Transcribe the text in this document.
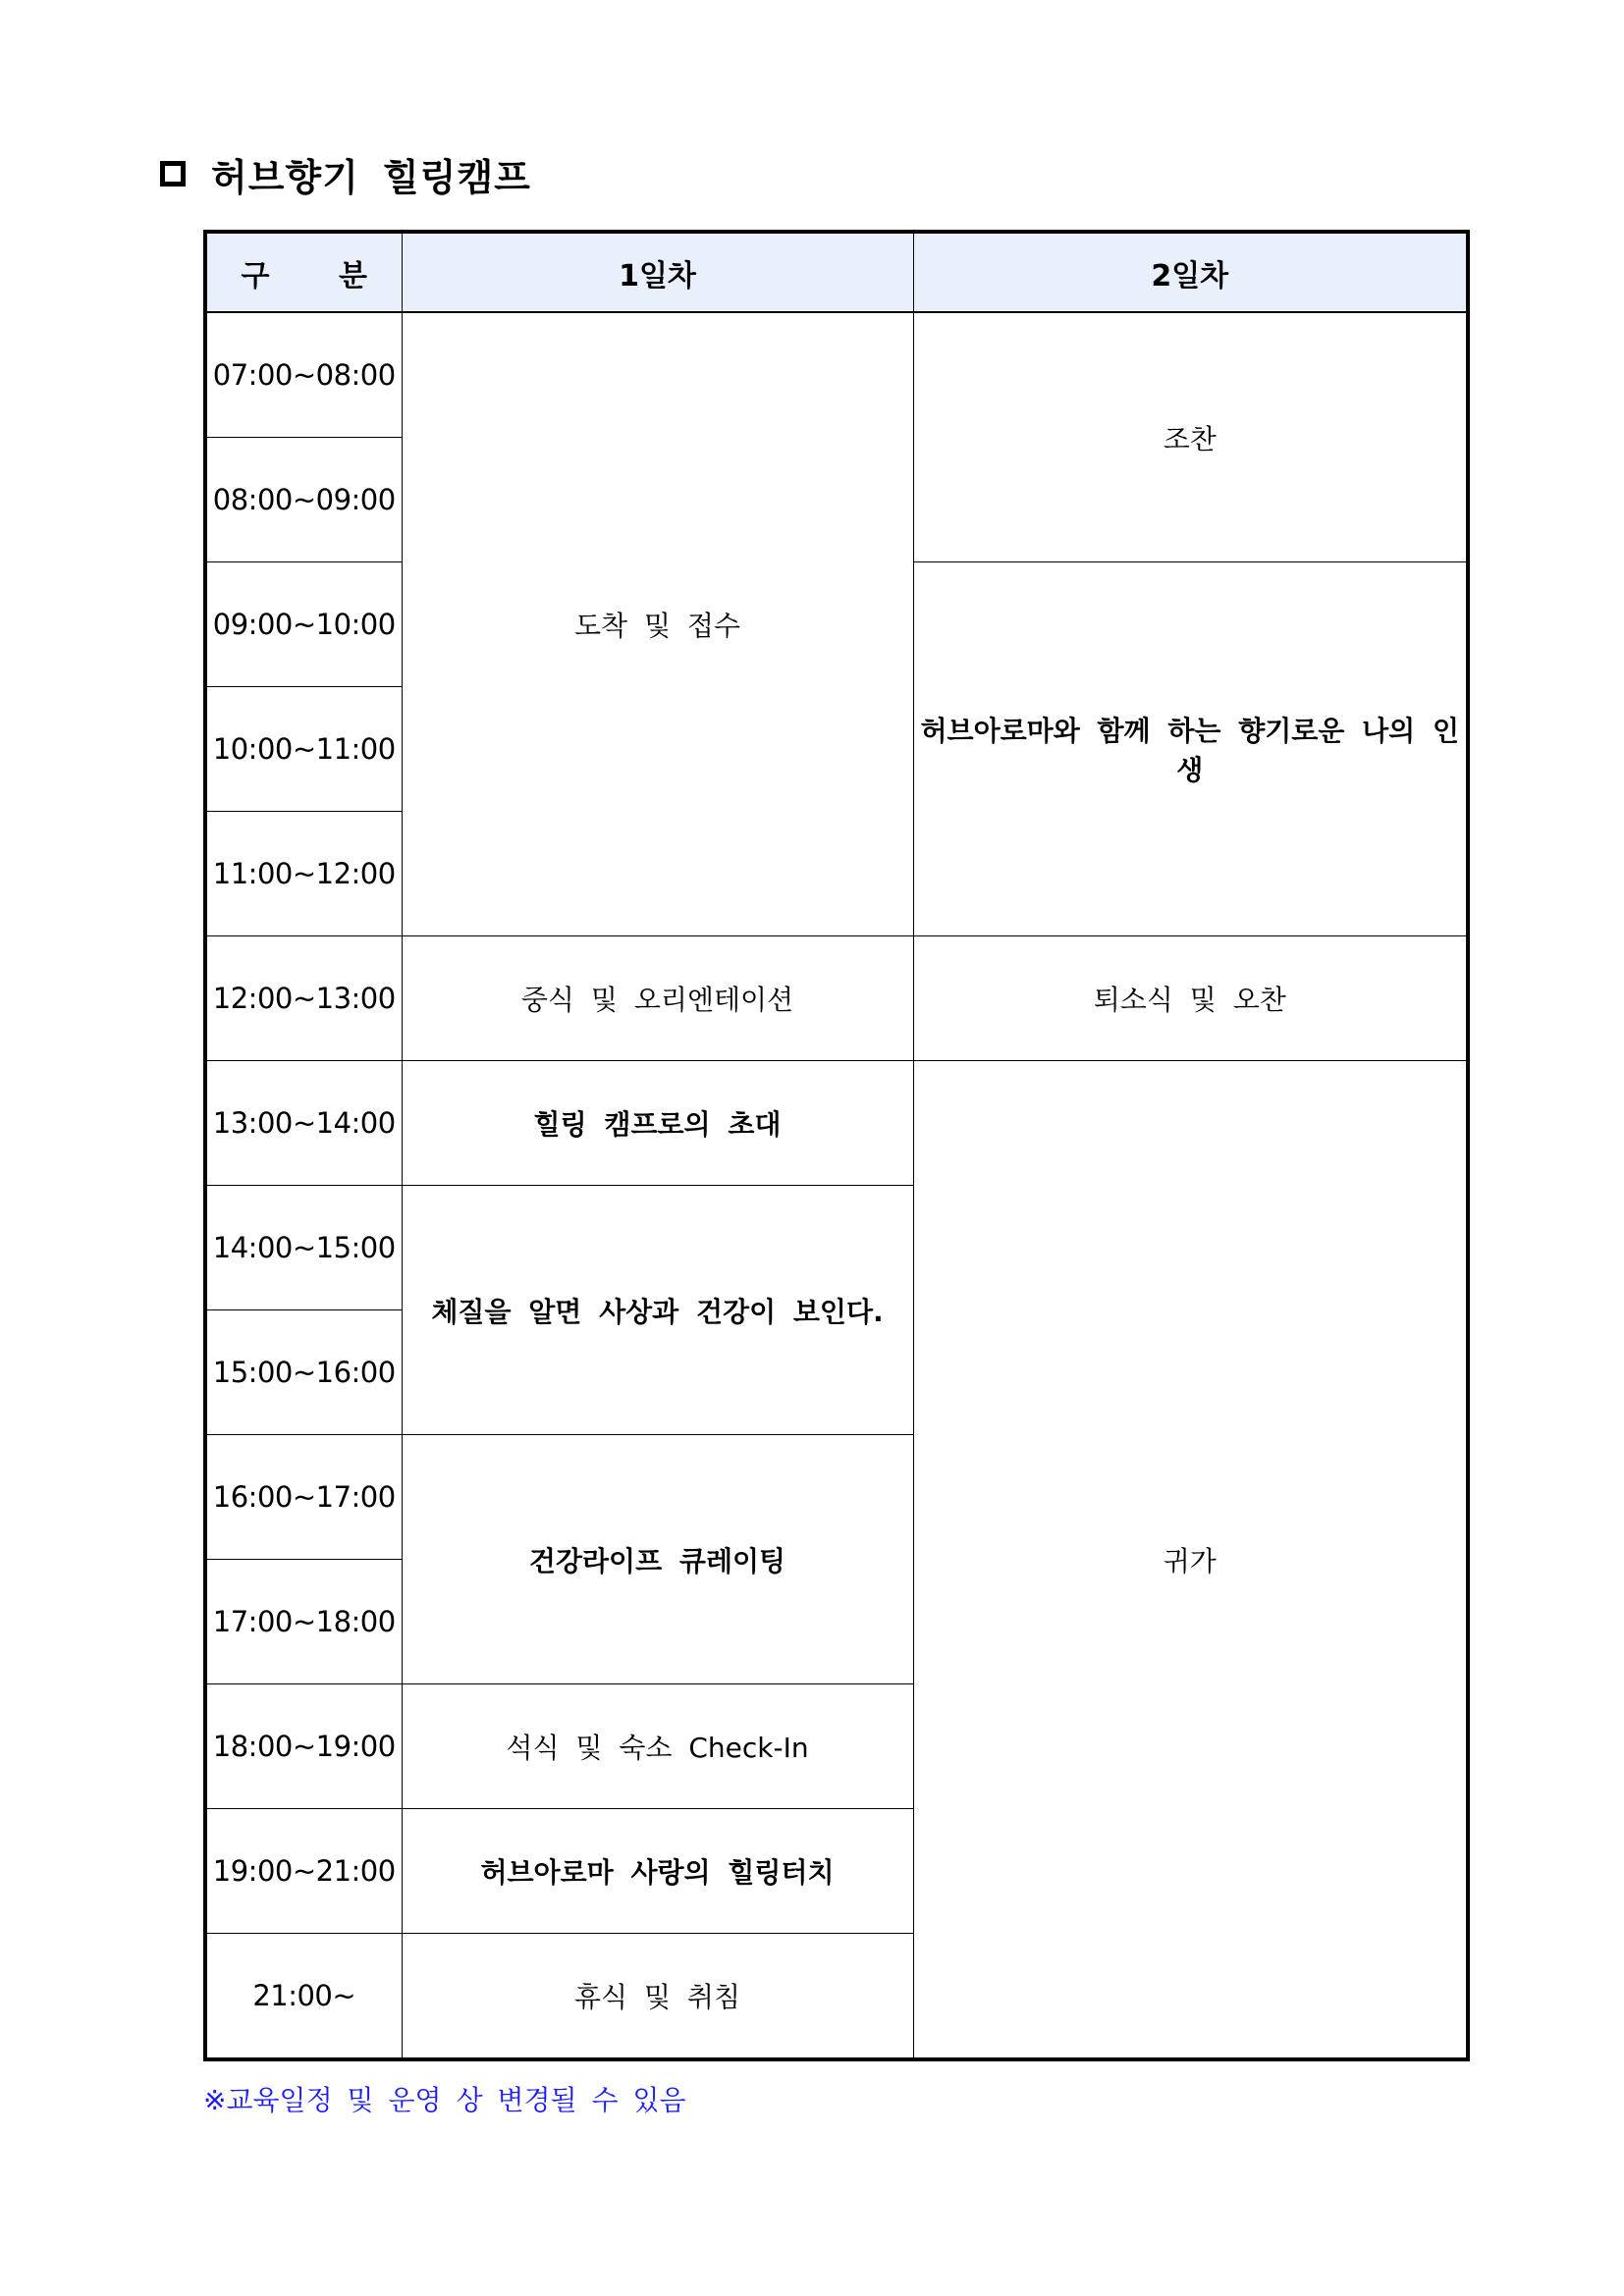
허브향기 힐링캠프
구 분	1일차	2일차
07:00~08:00	도착 및 접수	조찬
08:00~09:00		
09:00~10:00		허브아로마와 함께 하는 향기로운 나의 인생
10:00~11:00		
11:00~12:00		
12:00~13:00	중식 및 오리엔테이션	퇴소식 및 오찬
13:00~14:00	힐링 캠프로의 초대	귀가
14:00~15:00	체질을 알면 사상과 건강이 보인다.	
15:00~16:00		
16:00~17:00	건강라이프 큐레이팅	
17:00~18:00		
18:00~19:00	석식 및 숙소 Check-In	
19:00~21:00	허브아로마 사랑의 힐링터치	
21:00~	휴식 및 취침	
※교육일정 및 운영 상 변경될 수 있음
